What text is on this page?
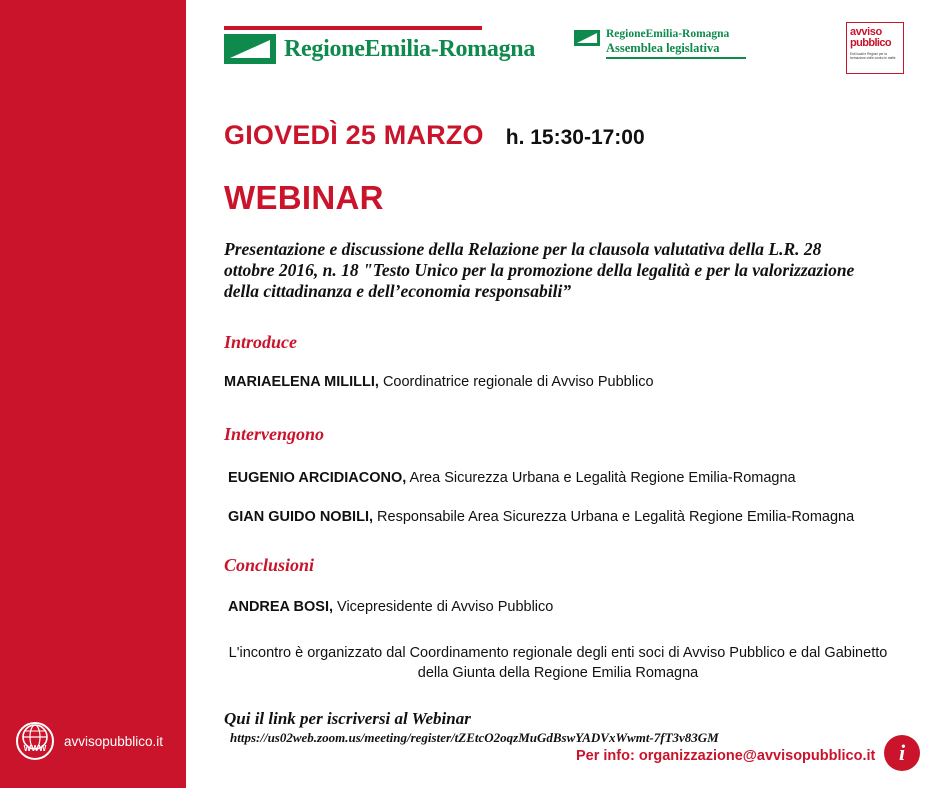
WWW	avvisopubblico.it
RegioneEmilia-Romagna
RegioneEmilia-Romagna
Assemblea legislativa
avviso
pubblico
Enti locali e Regioni per la formazione civile contro le mafie
GIOVEDÌ 25 MARZO h. 15:30-17:00
WEBINAR
Presentazione e discussione della Relazione per la clausola valutativa della L.R. 28 ottobre 2016, n. 18 "Testo Unico per la promozione della legalità e per la valorizzazione della cittadinanza e dell’economia responsabili”
Introduce
MARIAELENA MILILLI, Coordinatrice regionale di Avviso Pubblico
Intervengono
EUGENIO ARCIDIACONO, Area Sicurezza Urbana e Legalità Regione Emilia-Romagna
GIAN GUIDO NOBILI, Responsabile Area Sicurezza Urbana e Legalità Regione Emilia-Romagna
Conclusioni
ANDREA BOSI, Vicepresidente di Avviso Pubblico
L'incontro è organizzato dal Coordinamento regionale degli enti soci di Avviso Pubblico e dal Gabinetto della Giunta della Regione Emilia Romagna
Qui il link per iscriversi al Webinar
https://us02web.zoom.us/meeting/register/tZEtcO2oqzMuGdBswYADVxWwmt-7fT3v83GM
Per info: organizzazione@avvisopubblico.it	i
